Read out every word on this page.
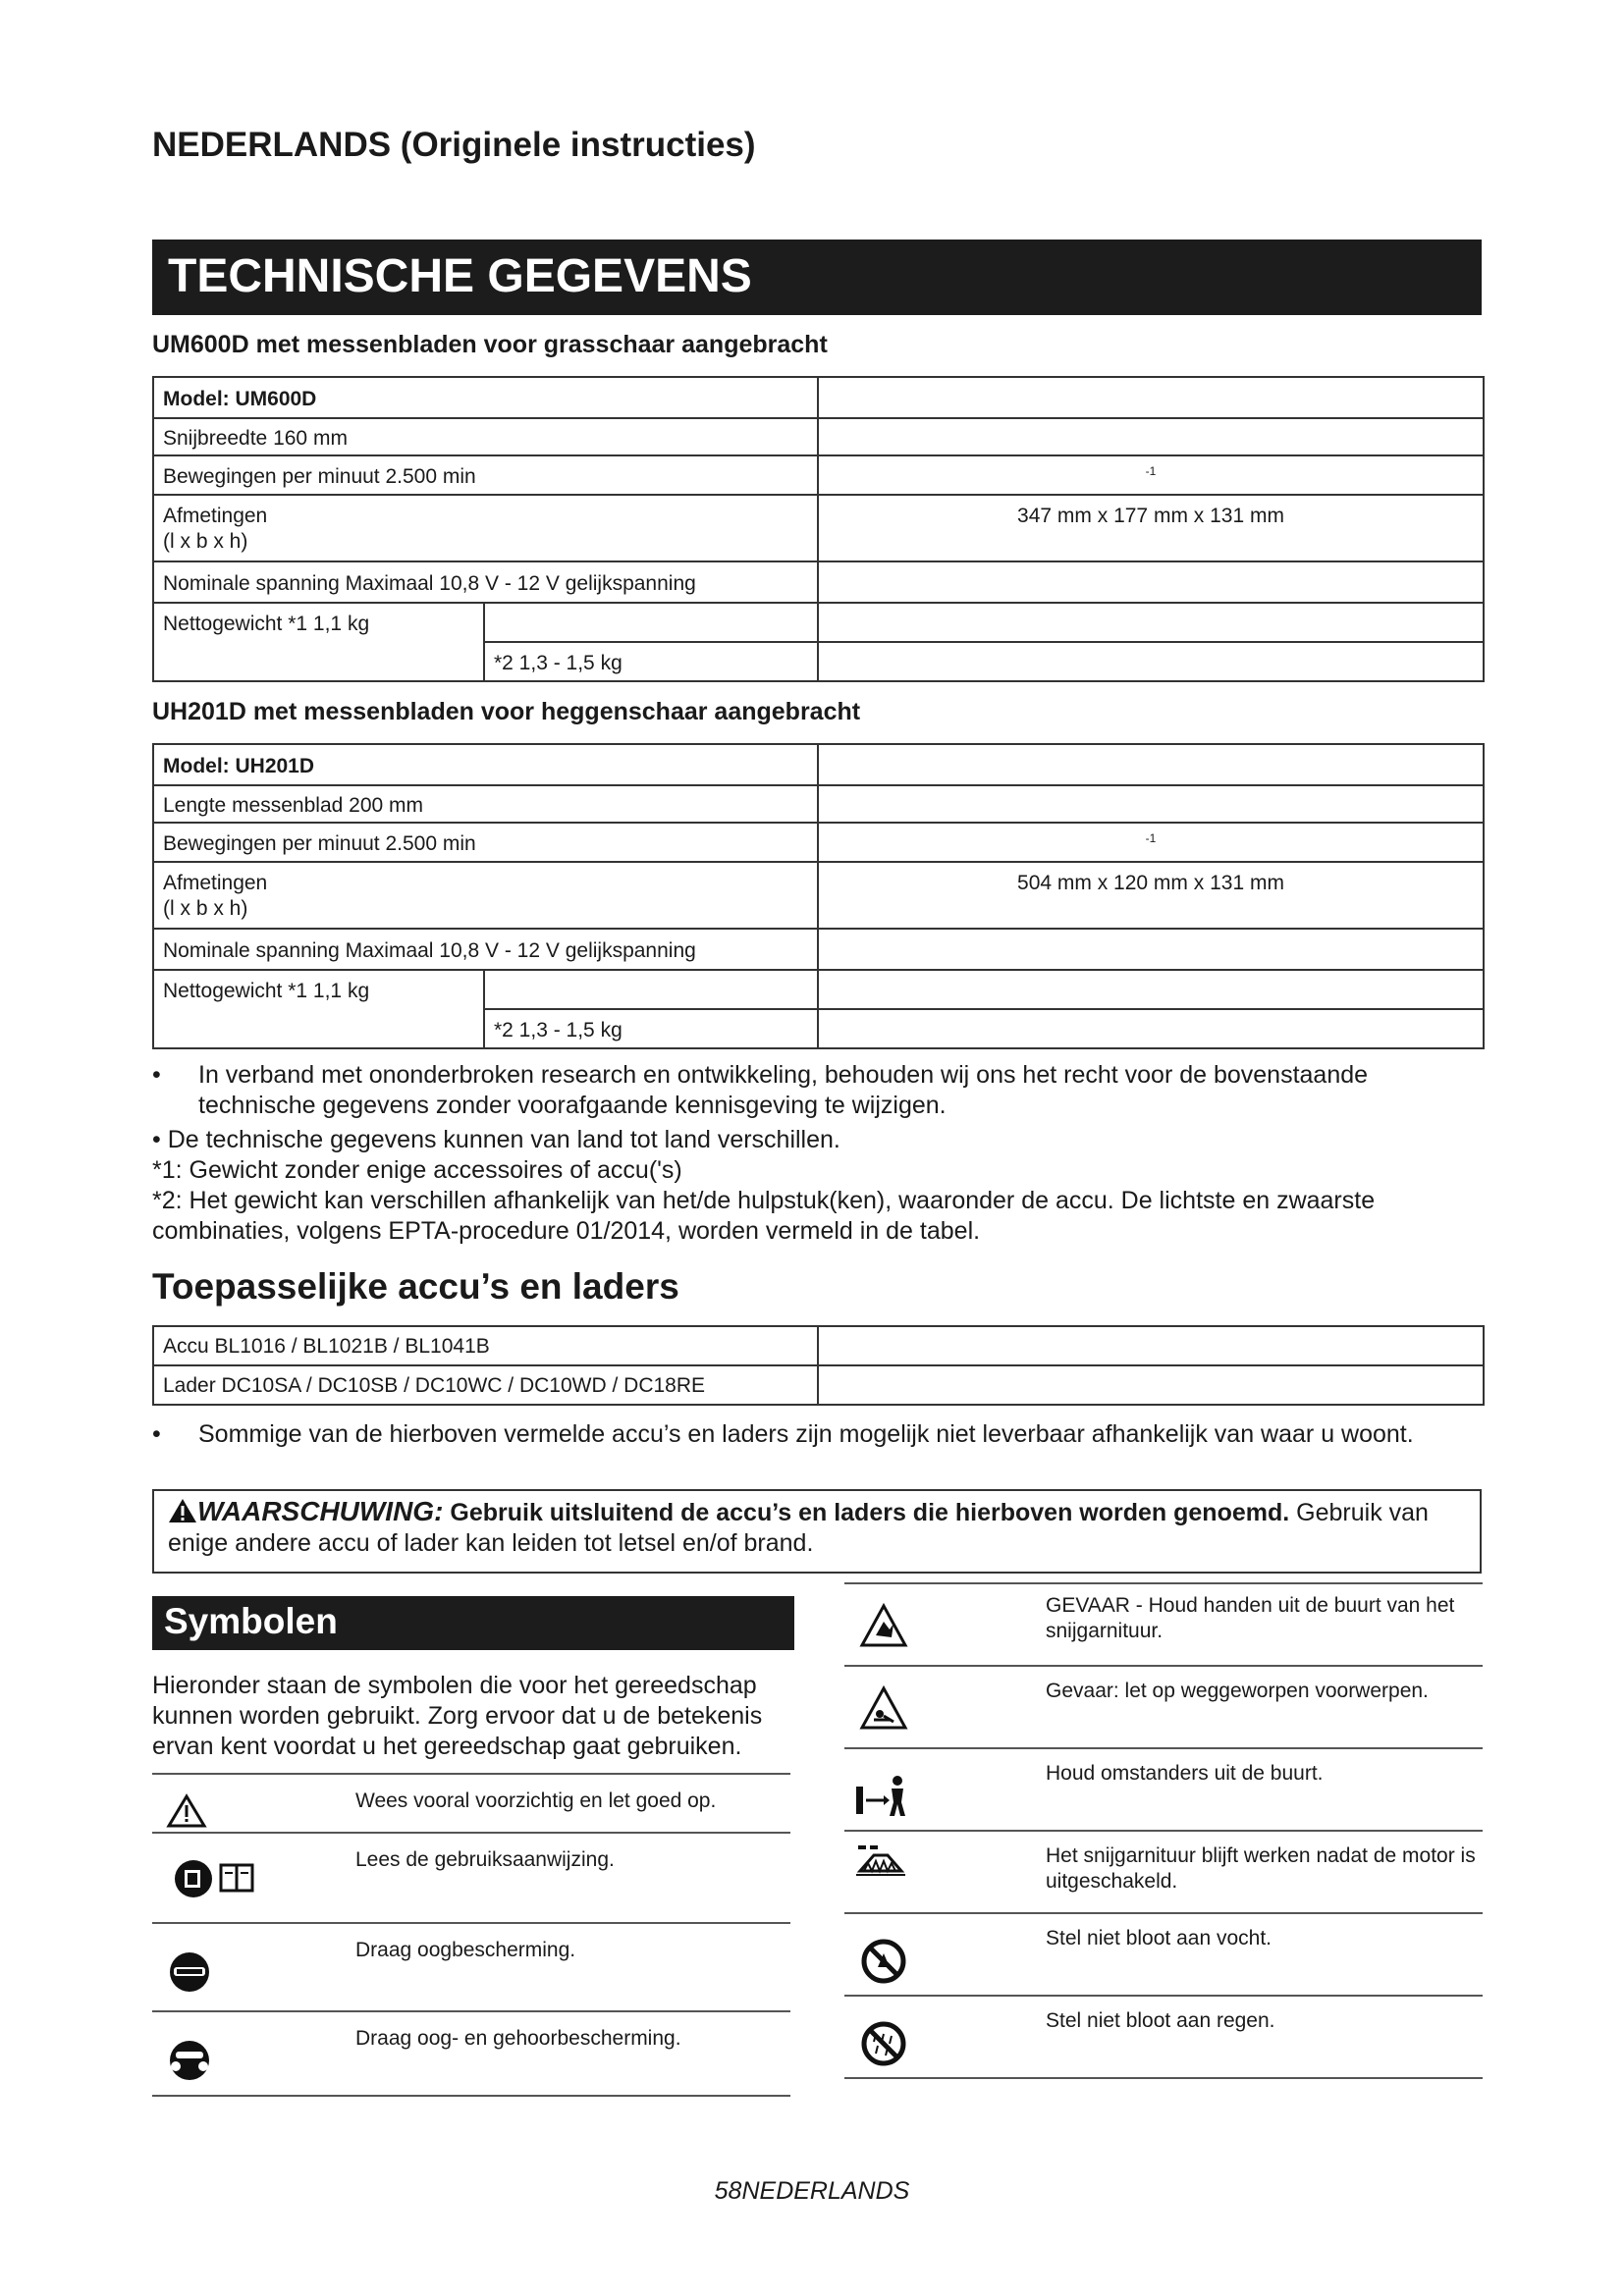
NEDERLANDS (Originele instructies)
TECHNISCHE GEGEVENS
UM600D met messenbladen voor grasschaar aangebracht
Model: UM600D		
Snijbreedte 160 mm		
Bewegingen per minuut 2.500 min		-1

Afmetingen
(l x b x h)		347 mm x 177 mm x 131 mm
Nominale spanning Maximaal 10,8 V - 12 V gelijkspanning		
Nettogewicht *1 1,1 kg		
	*2 1,3 - 1,5 kg	
UH201D met messenbladen voor heggenschaar aangebracht
Model: UH201D		
Lengte messenblad 200 mm		
Bewegingen per minuut 2.500 min		-1

Afmetingen
(l x b x h)		504 mm x 120 mm x 131 mm
Nominale spanning Maximaal 10,8 V - 12 V gelijkspanning		
Nettogewicht *1 1,1 kg		
	*2 1,3 - 1,5 kg	
•	In verband met ononderbroken research en ontwikkeling, behouden wij ons het recht voor de bovenstaande technische gegevens zonder voorafgaande kennisgeving te wijzigen.
• De technische gegevens kunnen van land tot land verschillen.
*1: Gewicht zonder enige accessoires of accu('s)
*2: Het gewicht kan verschillen afhankelijk van het/de hulpstuk(ken), waaronder de accu. De lichtste en zwaarste combinaties, volgens EPTA-procedure 01/2014, worden vermeld in de tabel.
Toepasselijke accu’s en laders
Accu BL1016 / BL1021B / BL1041B	
Lader DC10SA / DC10SB / DC10WC / DC10WD / DC18RE	
•	Sommige van de hierboven vermelde accu’s en laders zijn mogelijk niet leverbaar afhankelijk van waar u woont.
WAARSCHUWING: Gebruik uitsluitend de accu’s en laders die hierboven worden genoemd. Gebruik van enige andere accu of lader kan leiden tot letsel en/of brand.
Symbolen
Hieronder staan de symbolen die voor het gereedschap kunnen worden gebruikt. Zorg ervoor dat u de betekenis ervan kent voordat u het gereedschap gaat gebruiken.
Wees vooral voorzichtig en let goed op.
Lees de gebruiksaanwijzing.
Draag oogbescherming.
Draag oog- en gehoorbescherming.
GEVAAR - Houd handen uit de buurt van het snijgarnituur.
Gevaar: let op weggeworpen voorwerpen.
Houd omstanders uit de buurt.
Het snijgarnituur blijft werken nadat de motor is uitgeschakeld.
Stel niet bloot aan vocht.
Stel niet bloot aan regen.
58NEDERLANDS
